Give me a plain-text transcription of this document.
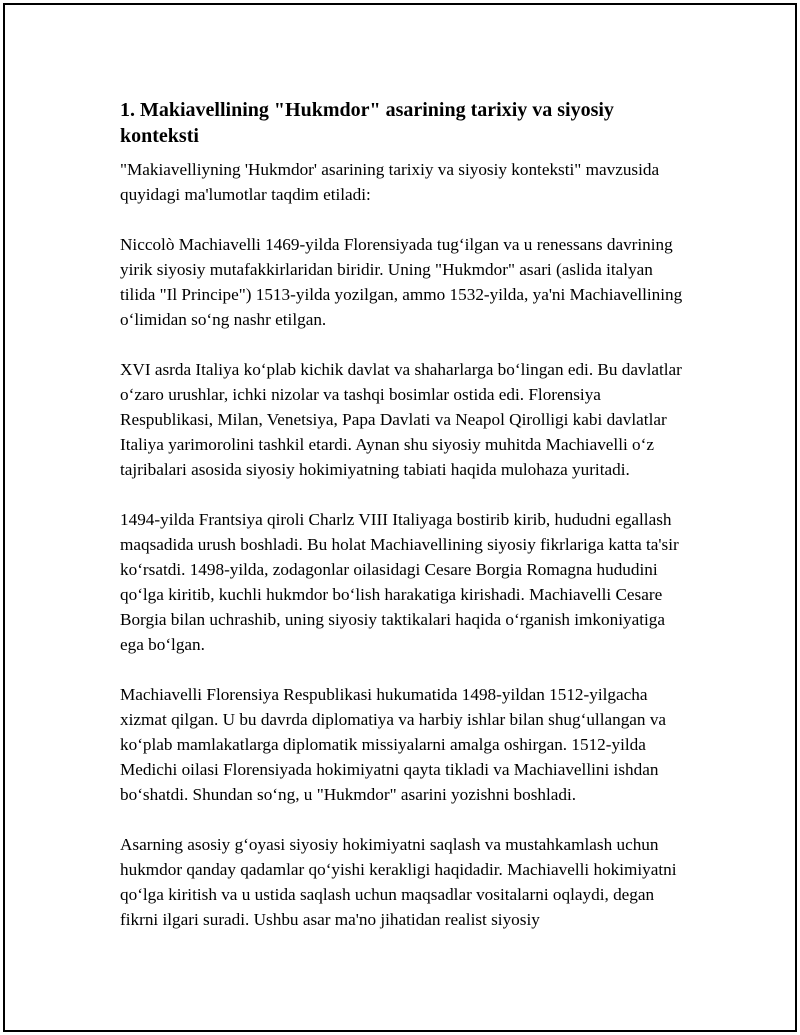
1. Makiavellining "Hukmdor" asarining tarixiy va siyosiy konteksti

"Makiavelliyning 'Hukmdor' asarining tarixiy va siyosiy konteksti" mavzusida quyidagi ma'lumotlar taqdim etiladi:

Niccolò Machiavelli 1469-yilda Florensiyada tugʻilgan va u renessans davrining yirik siyosiy mutafakkirlaridan biridir. Uning "Hukmdor" asari (aslida italyan tilida "Il Principe") 1513-yilda yozilgan, ammo 1532-yilda, ya'ni Machiavellining oʻlimidan soʻng nashr etilgan.

XVI asrda Italiya koʻplab kichik davlat va shaharlarga boʻlingan edi. Bu davlatlar oʻzaro urushlar, ichki nizolar va tashqi bosimlar ostida edi. Florensiya Respublikasi, Milan, Venetsiya, Papa Davlati va Neapol Qirolligi kabi davlatlar Italiya yarimorolini tashkil etardi. Aynan shu siyosiy muhitda Machiavelli oʻz tajribalari asosida siyosiy hokimiyatning tabiati haqida mulohaza yuritadi.

1494-yilda Frantsiya qiroli Charlz VIII Italiyaga bostirib kirib, hududni egallash maqsadida urush boshladi. Bu holat Machiavellining siyosiy fikrlariga katta ta'sir koʻrsatdi. 1498-yilda, zodagonlar oilasidagi Cesare Borgia Romagna hududini qoʻlga kiritib, kuchli hukmdor boʻlish harakatiga kirishadi. Machiavelli Cesare Borgia bilan uchrashib, uning siyosiy taktikalari haqida oʻrganish imkoniyatiga ega boʻlgan.

Machiavelli Florensiya Respublikasi hukumatida 1498-yildan 1512-yilgacha xizmat qilgan. U bu davrda diplomatiya va harbiy ishlar bilan shugʻullangan va koʻplab mamlakatlarga diplomatik missiyalarni amalga oshirgan. 1512-yilda Medichi oilasi Florensiyada hokimiyatni qayta tikladi va Machiavellini ishdan boʻshatdi. Shundan soʻng, u "Hukmdor" asarini yozishni boshladi.

Asarning asosiy gʻoyasi siyosiy hokimiyatni saqlash va mustahkamlash uchun hukmdor qanday qadamlar qoʻyishi kerakligi haqidadir. Machiavelli hokimiyatni qoʻlga kiritish va u ustida saqlash uchun maqsadlar vositalarni oqlaydi, degan fikrni ilgari suradi. Ushbu asar ma'no jihatidan realist siyosiy
